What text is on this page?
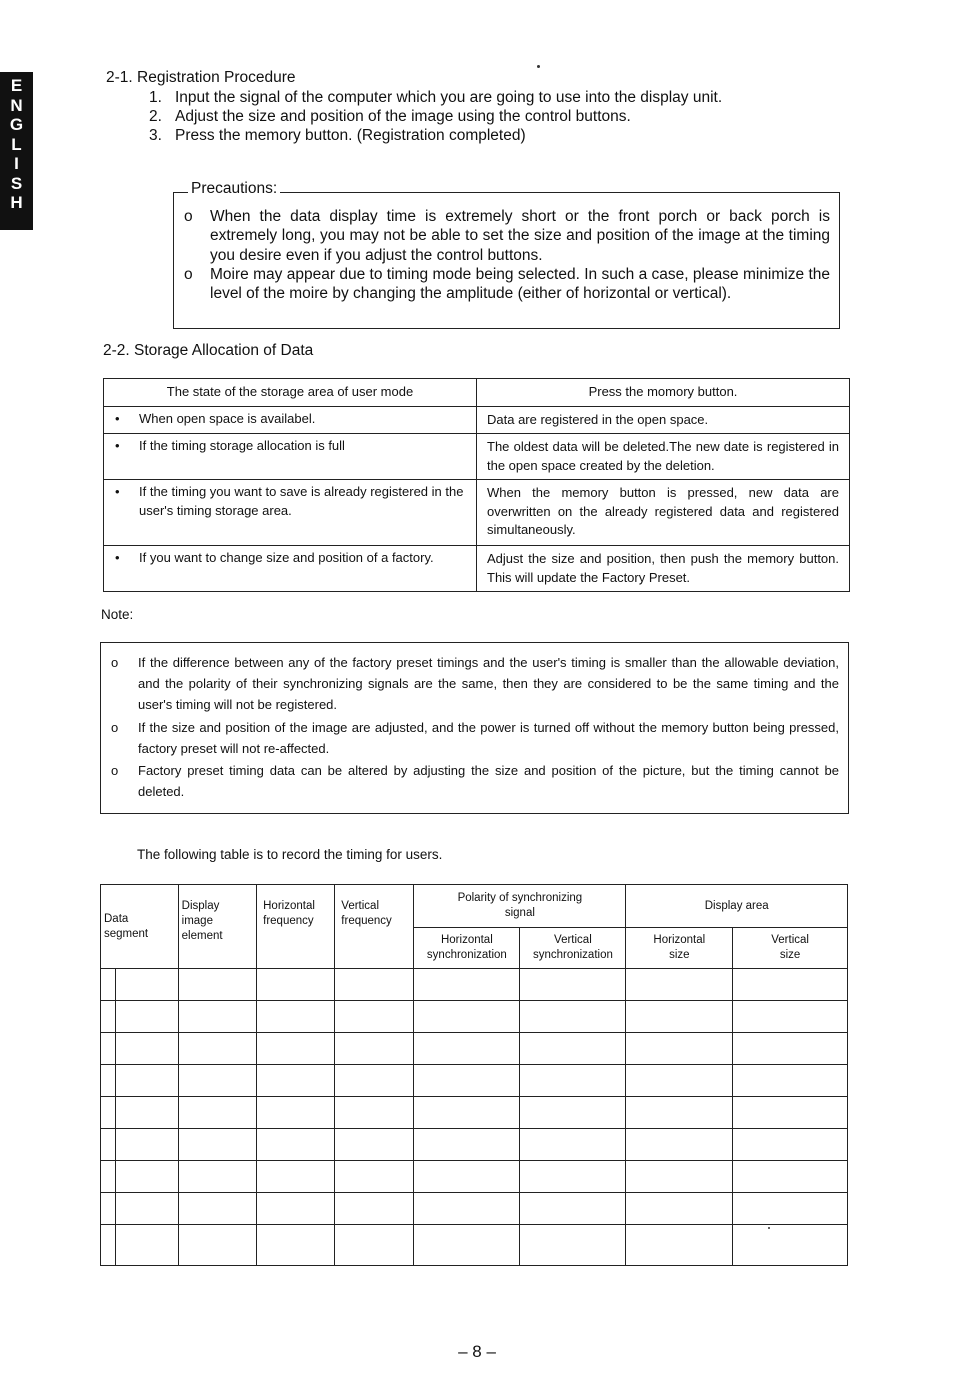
E
N
G
L
I
S
H
2-1. Registration Procedure
1. Input the signal of the computer which you are going to use into the display unit.
2. Adjust the size and position of the image using the control buttons.
3. Press the memory button. (Registration completed)
o	When the data display time is extremely short or the front porch or back porch is extremely long, you may not be able to set the size and position of the image at the timing you desire even if you adjust the control buttons.
o	Moire may appear due to timing mode being selected. In such a case, please minimize the level of the moire by changing the amplitude (either of horizontal or vertical).
Precautions:
2-2. Storage Allocation of Data
The state of the storage area of user mode	Press the momory button.

• When open space is availabel.	Data are registered in the open space.

• If the timing storage allocation is full	The oldest data will be deleted.The new date is registered in the open space created by the deletion.

• If the timing you want to save is already registered in the user's timing storage area.	When the memory button is pressed, new data are overwritten on the already registered data and registered simultaneously.

• If you want to change size and position of a factory.	Adjust the size and position, then push the memory button. This will update the Factory Preset.
Note:
o If the difference between any of the factory preset timings and the user's timing is smaller than the allowable deviation, and the polarity of their synchronizing signals are the same, then they are considered to be the same timing and the user's timing will not be registered.
o If the size and position of the image are adjusted, and the power is turned off without the memory button being pressed, factory preset will not re-affected.
o Factory preset timing data can be altered by adjusting the size and position of the picture, but the timing cannot be deleted.
The following table is to record the timing for users.
Data segment		Display image element	Horizontal frequency	Vertical frequency	Polarity of synchronizing signal		Display area	
					Horizontal synchronization	Vertical synchronization	Horizontal size	Vertical size

– 8 –
